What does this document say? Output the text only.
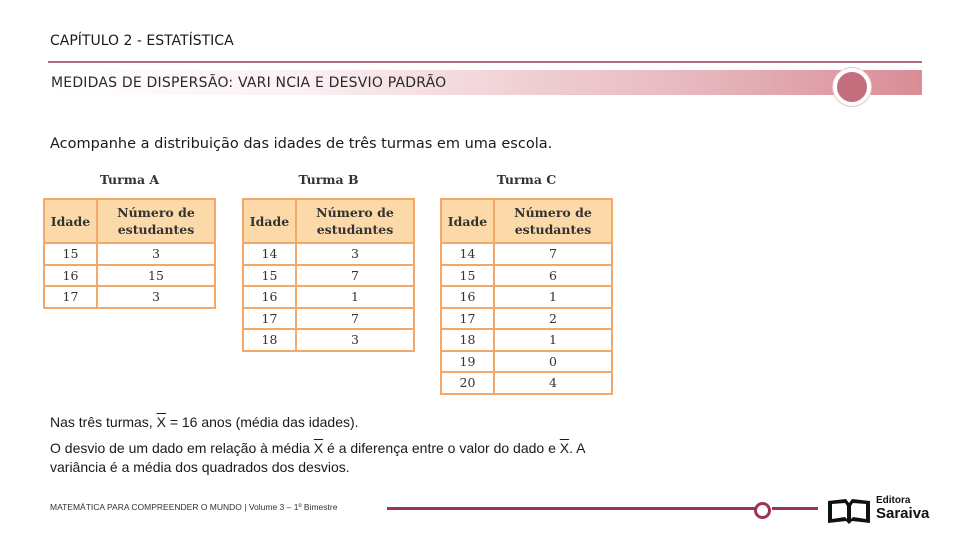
CAPÍTULO 2 - ESTATÍSTICA
MEDIDAS DE DISPERSÃO: VARI NCIA E DESVIO PADRÃO
Acompanhe a distribuição das idades de três turmas em uma escola.
Turma A
Idade	Número de estudantes
15	3
16	15
17	3
Turma B
Idade	Número de estudantes
14	3
15	7
16	1
17	7
18	3
Turma C
Idade	Número de estudantes
14	7
15	6
16	1
17	2
18	1
19	0
20	4
Nas três turmas, $\overline{X} = 16$ anos (média das idades).
O desvio de um dado em relação à média $\overline{X}$ é a diferença entre o valor do dado e $\overline{X}$. A variância é a média dos quadrados dos desvios.
MATEMÁTICA PARA COMPREENDER O MUNDO | Volume 3 – 1º Bimestre
Editora
Saraiva
